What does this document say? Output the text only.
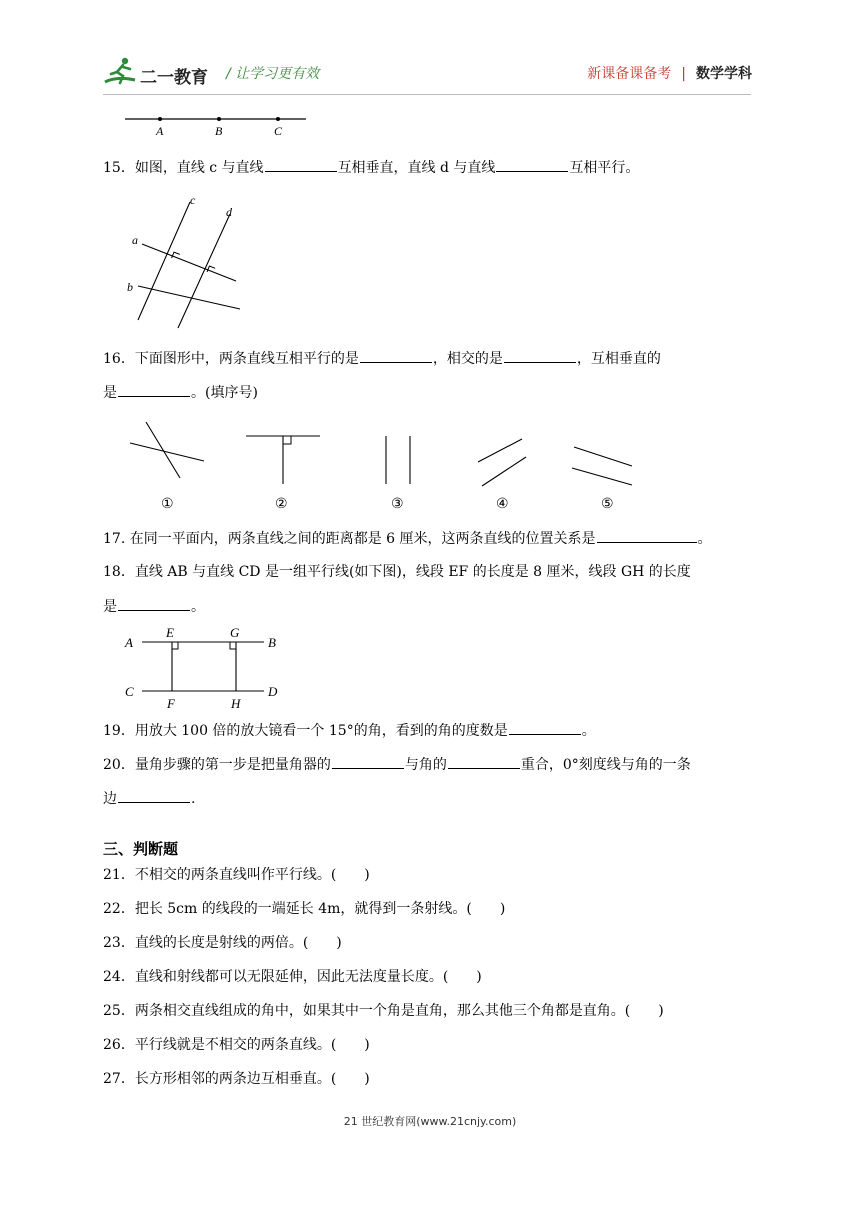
二一教育 / 让学习更有效	新课备课备考 | 数学学科
A	B	C
15．如图，直线 c 与直线	互相垂直，直线 d 与直线	互相平行。
c
d
a
b
16．下面图形中，两条直线互相平行的是	，相交的是	，互相垂直的
是	。(填序号)
①	②	③	④	⑤
17. 在同一平面内，两条直线之间的距离都是 6 厘米，这两条直线的位置关系是	。
18．直线 AB 与直线 CD 是一组平行线(如下图)，线段 EF 的长度是 8 厘米，线段 GH 的长度
是	。
A
E	G
B
C
F	H
D
19．用放大 100 倍的放大镜看一个 15°的角，看到的角的度数是	。
20．量角步骤的第一步是把量角器的	与角的	重合，0°刻度线与角的一条
边	.
三、判断题
21．不相交的两条直线叫作平行线。(　　)
22．把长 5cm 的线段的一端延长 4m，就得到一条射线。(　　)
23．直线的长度是射线的两倍。(　　)
24．直线和射线都可以无限延伸，因此无法度量长度。(　　)
25．两条相交直线组成的角中，如果其中一个角是直角，那么其他三个角都是直角。(　　)
26．平行线就是不相交的两条直线。(　　)
27．长方形相邻的两条边互相垂直。(　　)
21 世纪教育网(www.21cnjy.com)
